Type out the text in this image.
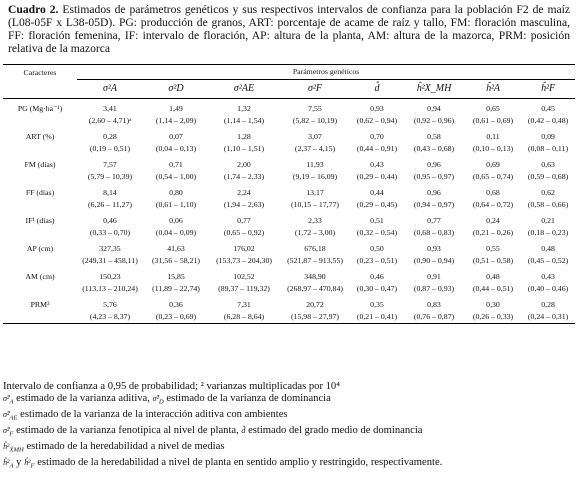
Cuadro 2. Estimados de parámetros genéticos y sus respectivos intervalos de confianza para la población F2 de maíz (L08-05F x L38-05D). PG: producción de granos, ART: porcentaje de acame de raíz y tallo, FM: floración masculina, FF: floración femenina, IF: intervalo de floración, AP: altura de la planta, AM: altura de la mazorca, PRM: posición relativa de la mazorca
Caracteres	Parámetros genéticos							
	σ²A	σ²D	σ²AE	σ²F	d̂	ĥ²X_MH	ĥ²A	ĥ²F
PG (Mg·ha⁻¹)	3,41	1,49	1,32	7,55	0,93	0,94	0,65	0,45
	(2,60 – 4,71)ᵃ	(1,14 – 2,09)	(1,14 – 1,54)	(5,82 – 10,19)	(0,62 – 0,94)	(0,92 – 0,96)	(0,61 – 0,69)	(0,42 – 0,48)
ART (%)	0,28	0,07	1,28	3,07	0,70	0,58	0,11	0,09
	(0,19 – 0,51)	(0,04 – 0,13)	(1,10 – 1,51)	(2,37 – 4,15)	(0,44 – 0,91)	(0,43 – 0,68)	(0,10 – 0,13)	(0,08 – 0,11)
FM (días)	7,57	0,71	2,00	11,93	0,43	0,96	0,69	0,63
	(5,79 – 10,39)	(0,54 – 1,00)	(1,74 – 2,33)	(9,19 – 16,09)	(0,29 – 0,44)	(0,95 – 0,97)	(0,65 – 0,74)	(0,59 – 0,68)
FF (días)	8,14	0,80	2,24	13,17	0,44	0,96	0,68	0,62
	(6,26 – 11,27)	(0,61 – 1,10)	(1,94 – 2,63)	(10,15 – 17,77)	(0,29 – 0,45)	(0,94 – 0,97)	(0,64 – 0,72)	(0,58 – 0,66)
IF¹ (días)	0,46	0,06	0,77	2,33	0,51	0,77	0,24	0,21
	(0,33 – 0,70)	(0,04 – 0,09)	(0,65 – 0,92)	(1,72 – 3,00)	(0,32 – 0,54)	(0,68 – 0,83)	(0,21 – 0,26)	(0,18 – 0,23)
AP (cm)	327,35	41,63	176,02	676,18	0,50	0,93	0,55	0,48
	(249,31 – 458,11)	(31,56 – 58,21)	(153,73 – 204,30)	(521,87 – 913,55)	(0,23 – 0,51)	(0,90 – 0,94)	(0,51 – 0,58)	(0,45 – 0,52)
AM (cm)	150,23	15,85	102,52	348,90	0,46	0,91	0,48	0,43
	(113,13 – 210,24)	(11,89 – 22,74)	(89,37 – 119,32)	(268,97 – 470,84)	(0,30 – 0,47)	(0,87 – 0,93)	(0,44 – 0,51)	(0,40 – 0,46)
PRM²	5,76	0,36	7,31	20,72	0,35	0,83	0,30	0,28
	(4,23 – 8,37)	(0,23 – 0,69)	(6,28 – 8,64)	(15,98 – 27,97)	(0,21 – 0,41)	(0,76 – 0,87)	(0,26 – 0,33)	(0,24 – 0,31)
Intervalo de confianza a 0,95 de probabilidad; ² varianzas multiplicadas por 10⁴
$\sigmâ^2_A$ estimado de la varianza aditiva, $\sigmâ^2_D$ estimado de la varianza de dominancia
$\sigmâ^2_{AE}$ estimado de la varianza de la interacción aditiva con ambientes
$\sigmâ^2_F$ estimado de la varianza fenotípica al nivel de planta, d̂ estimado del grado medio de dominancia
$ĥ^2_{X̄MH}$ estimado de la heredabilidad a nivel de medias
$ĥ^2_A$ y $ĥ^2_F$ estimado de la heredabilidad a nivel de planta en sentido amplio y restringido, respectivamente.
